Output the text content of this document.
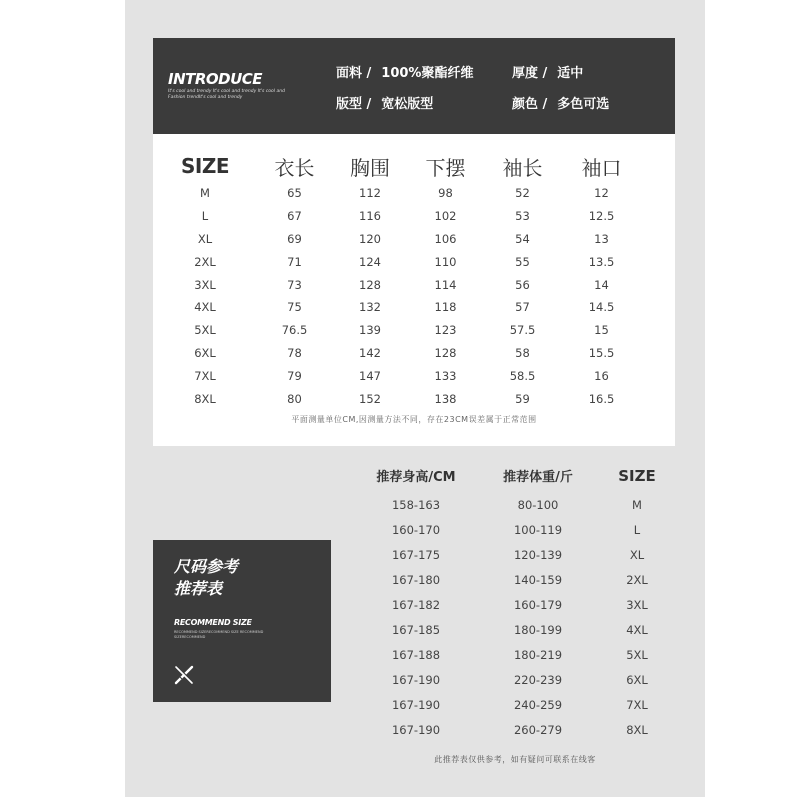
INTRODUCE
It's cool and trendy It's cool and trendy It's cool and Fashion trendIt's cool and trendy
面料 / 100%聚酯纤维	厚度 / 适中
版型 / 宽松版型	颜色 / 多色可选
SIZE	衣长	胸围	下摆	袖长	袖口
M	65	112	98	52	12
L	67	116	102	53	12.5
XL	69	120	106	54	13
2XL	71	124	110	55	13.5
3XL	73	128	114	56	14
4XL	75	132	118	57	14.5
5XL	76.5	139	123	57.5	15
6XL	78	142	128	58	15.5
7XL	79	147	133	58.5	16
8XL	80	152	138	59	16.5
平面测量单位CM,因测量方法不同，存在23CM误差属于正常范围
尺码参考
推荐表
RECOMMEND SIZE
RECOMMEND SIZERECOMMEND SIZE RECOMMEND SIZERECOMMEND
推荐身高/CM	推荐体重/斤	SIZE
158-163	80-100	M
160-170	100-119	L
167-175	120-139	XL
167-180	140-159	2XL
167-182	160-179	3XL
167-185	180-199	4XL
167-188	180-219	5XL
167-190	220-239	6XL
167-190	240-259	7XL
167-190	260-279	8XL
此推荐表仅供参考，如有疑问可联系在线客
